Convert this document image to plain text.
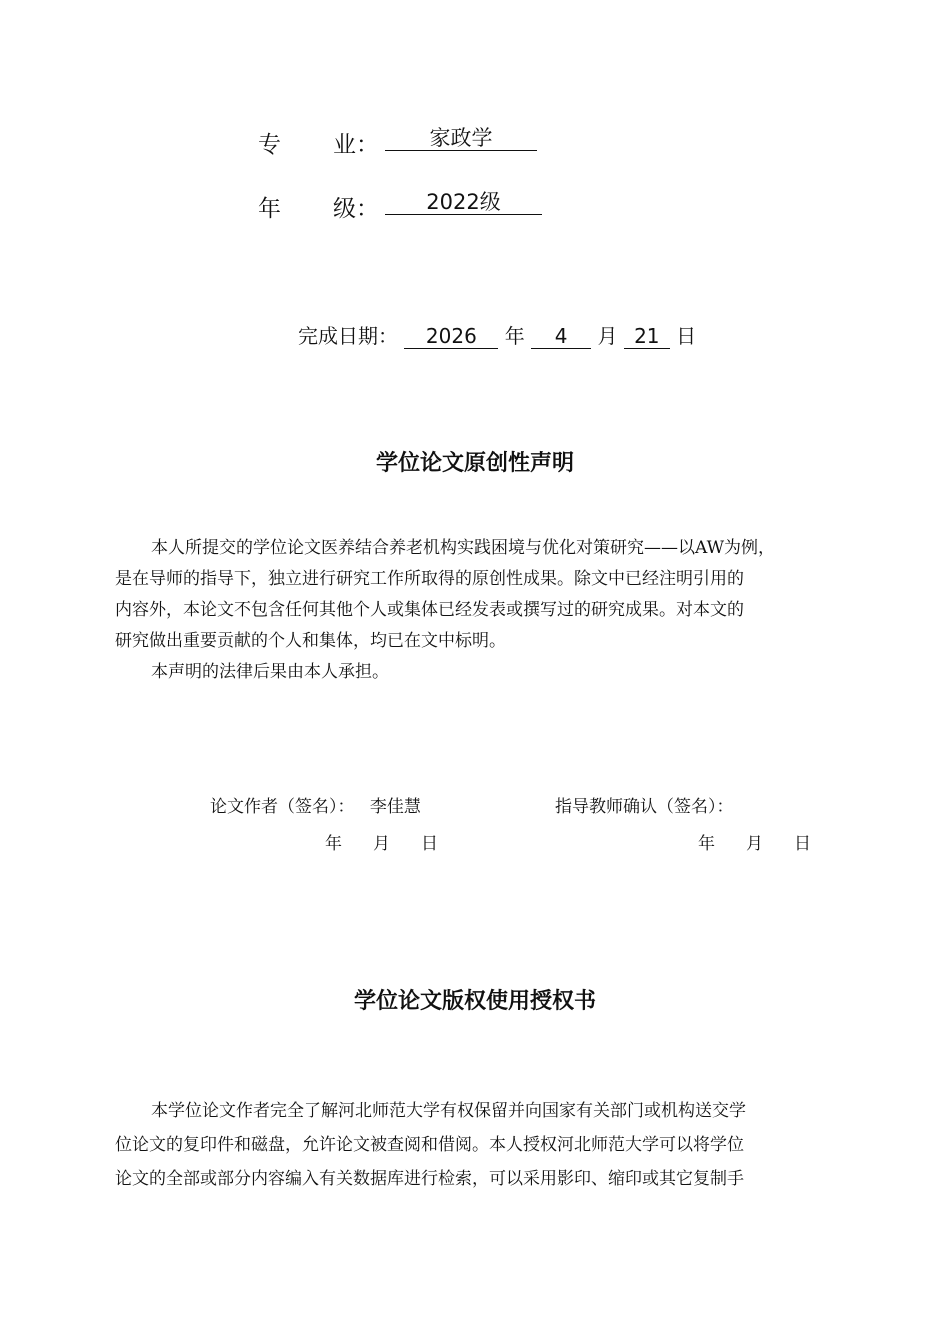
专 业：	家政学
年 级：	2022级
完成日期： 2026 年 4 月 21 日
学位论文原创性声明
本人所提交的学位论文医养结合养老机构实践困境与优化对策研究——以AW为例，
是在导师的指导下，独立进行研究工作所取得的原创性成果。除文中已经注明引用的
内容外，本论文不包含任何其他个人或集体已经发表或撰写过的研究成果。对本文的
研究做出重要贡献的个人和集体，均已在文中标明。
本声明的法律后果由本人承担。
论文作者（签名）： 李佳慧	指导教师确认（签名）：
年 月 日	年 月 日
学位论文版权使用授权书
本学位论文作者完全了解河北师范大学有权保留并向国家有关部门或机构送交学
位论文的复印件和磁盘，允许论文被查阅和借阅。本人授权河北师范大学可以将学位
论文的全部或部分内容编入有关数据库进行检索，可以采用影印、缩印或其它复制手
